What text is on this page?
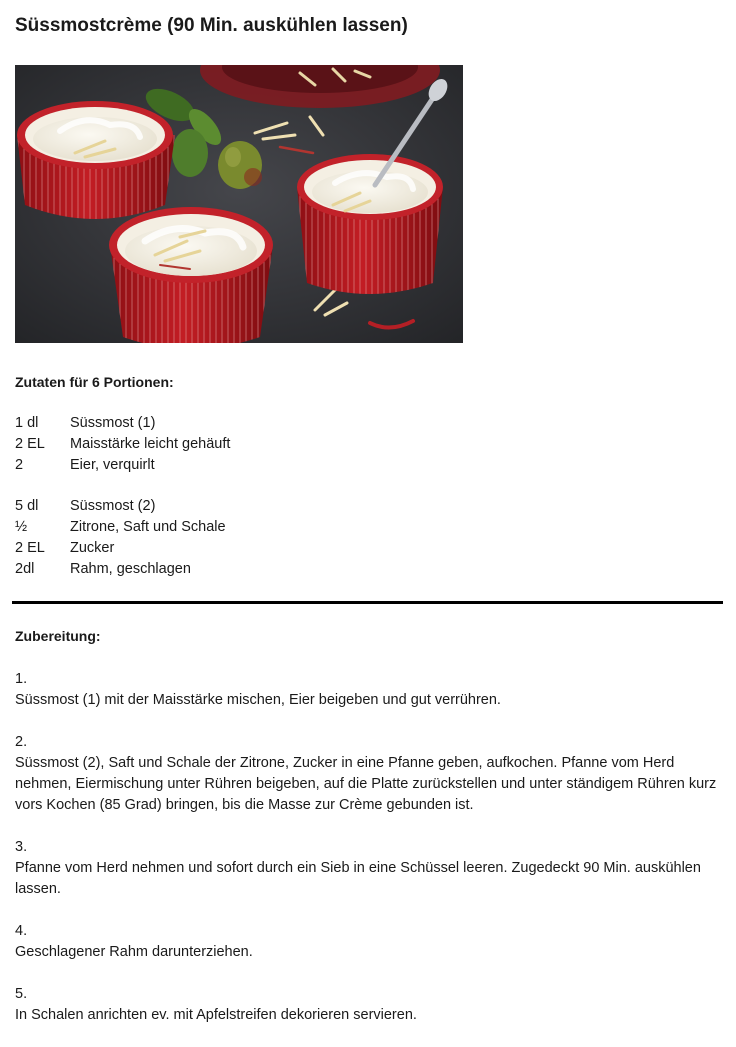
Süssmostcrème (90 Min. auskühlen lassen)
Zutaten für 6 Portionen:
1 dl	Süssmost (1)
2 EL	Maisstärke leicht gehäuft
2	Eier, verquirlt
5 dl	Süssmost (2)
½	Zitrone, Saft und Schale
2 EL	Zucker
2dl	Rahm, geschlagen
Zubereitung:
1.
Süssmost (1) mit der Maisstärke mischen, Eier beigeben und gut verrühren.
2.
Süssmost (2), Saft und Schale der Zitrone, Zucker in eine Pfanne geben, aufkochen. Pfanne vom Herd nehmen, Eiermischung unter Rühren beigeben, auf die Platte zurückstellen und unter ständigem Rühren kurz vors Kochen (85 Grad) bringen, bis die Masse zur Crème gebunden ist.
3.
Pfanne vom Herd nehmen und sofort durch ein Sieb in eine Schüssel leeren. Zugedeckt 90 Min. auskühlen lassen.
4.
Geschlagener Rahm darunterziehen.
5.
In Schalen anrichten ev. mit Apfelstreifen dekorieren servieren.
